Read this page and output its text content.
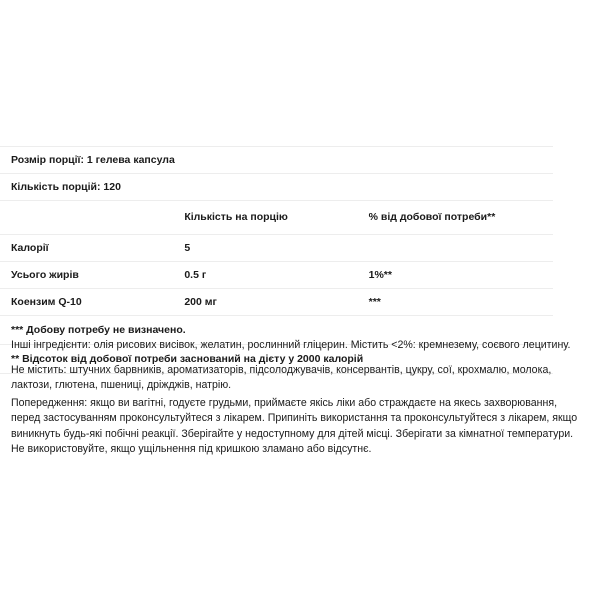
Розмір порції: 1 гелева капсула		
Кількість порцій: 120		
	Кількість на порцію	% від добової потреби**
Калорії	5	
Усього жирів	0.5 г	1%**
Коензим Q-10	200 мг	***
*** Добову потребу не визначено.		
** Відсоток від добової потреби заснований на дієту у 2000 калорій		

Інші інгредієнти: олія рисових висівок, желатин, рослинний гліцерин. Містить <2%: кремнезему, соєвого лецитину.

Не містить: штучних барвників, ароматизаторів, підсолоджувачів, консервантів, цукру, сої, крохмалю, молока, лактози, глютена, пшениці, дріжджів, натрію.

Попередження: якщо ви вагітні, годуєте грудьми, приймаєте якісь ліки або страждаєте на якесь захворювання, перед застосуванням проконсультуйтеся з лікарем. Припиніть використання та проконсультуйтеся з лікарем, якщо виникнуть будь-які побічні реакції. Зберігайте у недоступному для дітей місці. Зберігати за кімнатної температури. Не використовуйте, якщо ущільнення під кришкою зламано або відсутнє.
